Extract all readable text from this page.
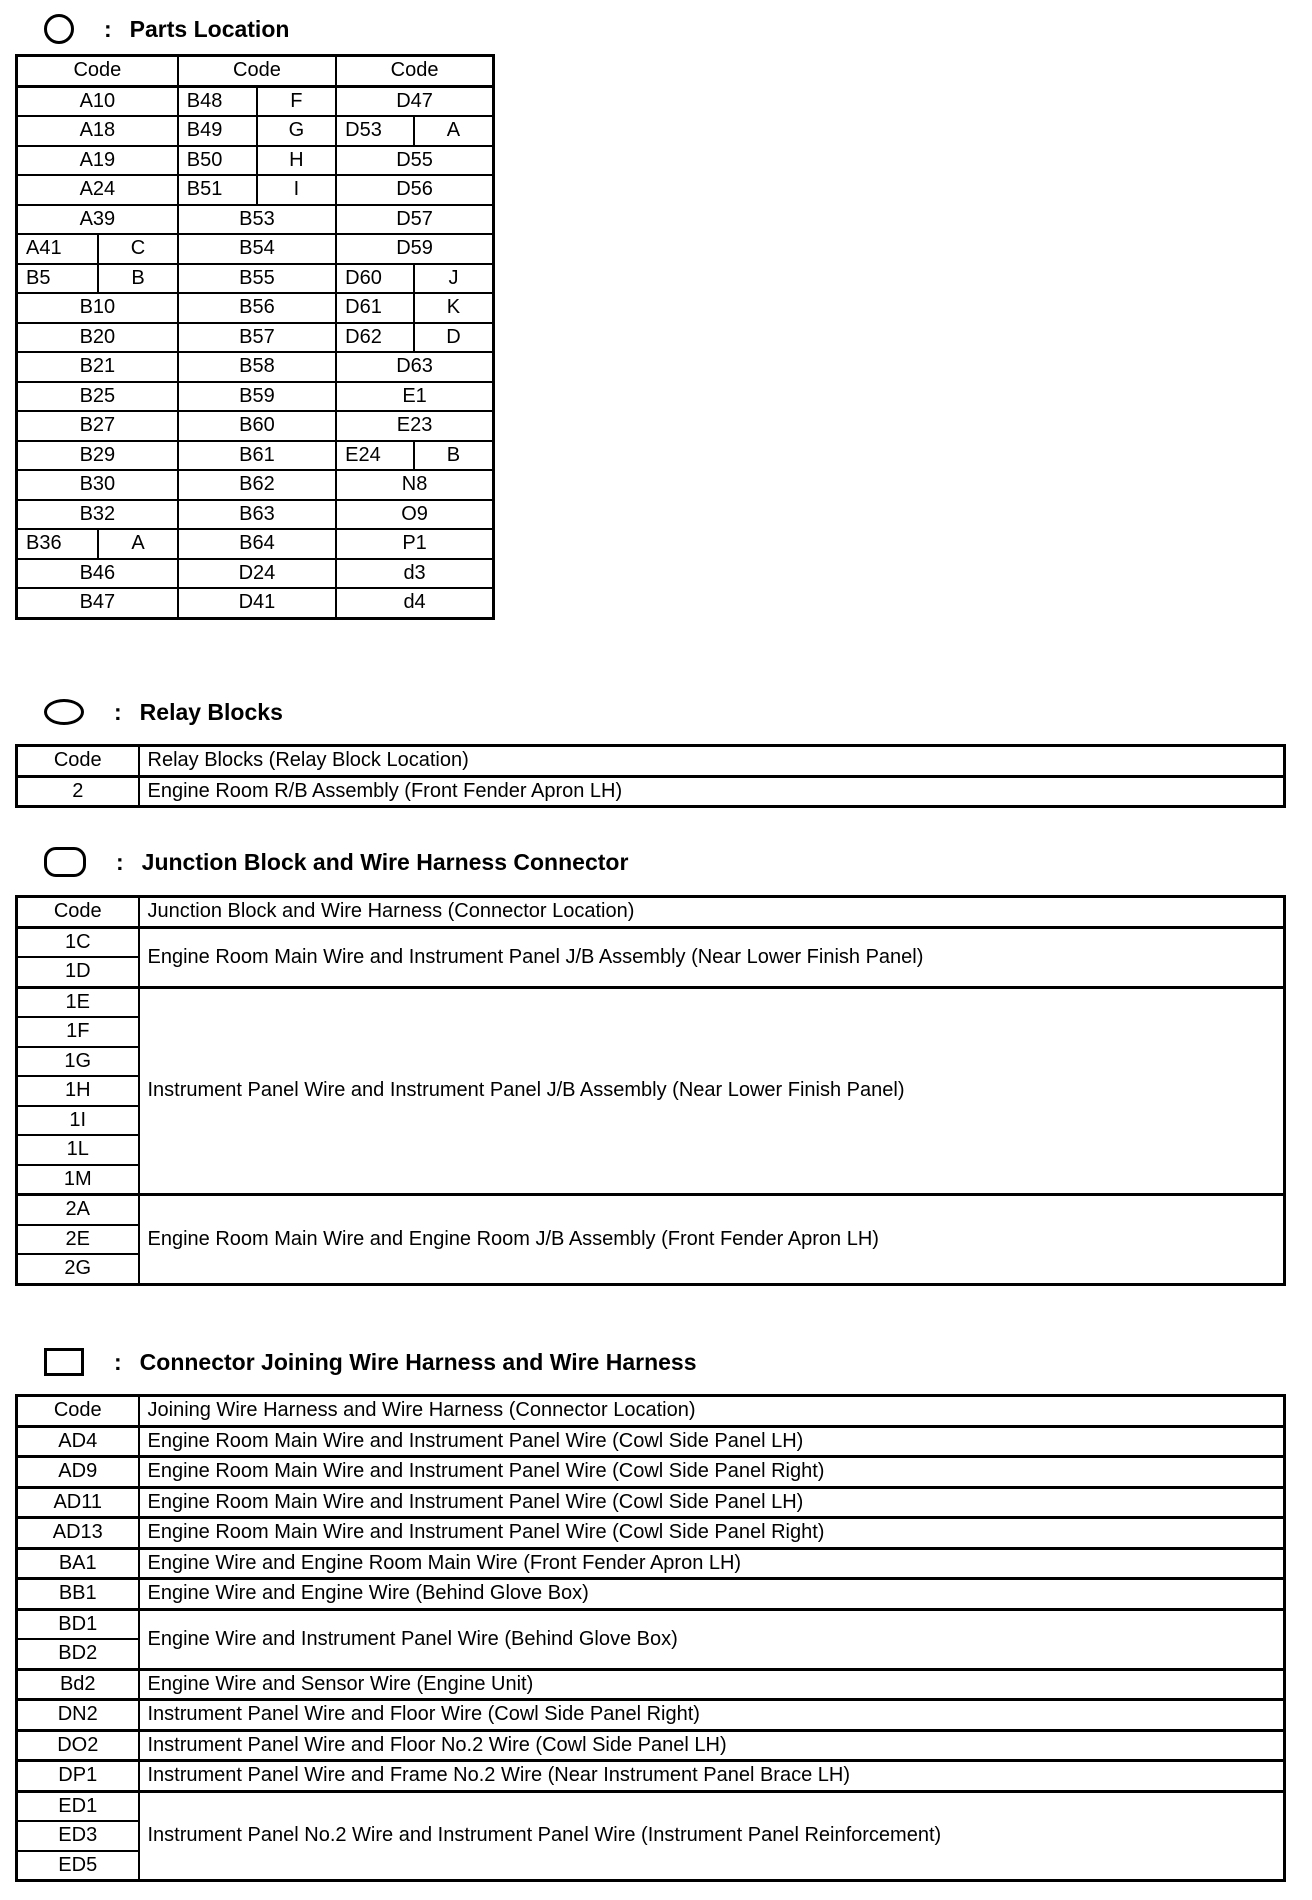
: Parts Location
Code		Code		Code	
A10		B48	F	D47	
A18		B49	G	D53	A
A19		B50	H	D55	
A24		B51	I	D56	
A39		B53		D57	
A41	C	B54		D59	
B5	B	B55		D60	J
B10		B56		D61	K
B20		B57		D62	D
B21		B58		D63	
B25		B59		E1	
B27		B60		E23	
B29		B61		E24	B
B30		B62		N8	
B32		B63		O9	
B36	A	B64		P1	
B46		D24		d3	
B47		D41		d4	
: Relay Blocks
Code	Relay Blocks (Relay Block Location)
2	Engine Room R/B Assembly (Front Fender Apron LH)
: Junction Block and Wire Harness Connector
Code	Junction Block and Wire Harness (Connector Location)
1C	Engine Room Main Wire and Instrument Panel J/B Assembly (Near Lower Finish Panel)
1D	
1E	Instrument Panel Wire and Instrument Panel J/B Assembly (Near Lower Finish Panel)
1F	
1G	
1H	
1I	
1L	
1M	
2A	Engine Room Main Wire and Engine Room J/B Assembly (Front Fender Apron LH)
2E	
2G	
: Connector Joining Wire Harness and Wire Harness
Code	Joining Wire Harness and Wire Harness (Connector Location)
AD4	Engine Room Main Wire and Instrument Panel Wire (Cowl Side Panel LH)
AD9	Engine Room Main Wire and Instrument Panel Wire (Cowl Side Panel Right)
AD11	Engine Room Main Wire and Instrument Panel Wire (Cowl Side Panel LH)
AD13	Engine Room Main Wire and Instrument Panel Wire (Cowl Side Panel Right)
BA1	Engine Wire and Engine Room Main Wire (Front Fender Apron LH)
BB1	Engine Wire and Engine Wire (Behind Glove Box)
BD1	Engine Wire and Instrument Panel Wire (Behind Glove Box)
BD2	
Bd2	Engine Wire and Sensor Wire (Engine Unit)
DN2	Instrument Panel Wire and Floor Wire (Cowl Side Panel Right)
DO2	Instrument Panel Wire and Floor No.2 Wire (Cowl Side Panel LH)
DP1	Instrument Panel Wire and Frame No.2 Wire (Near Instrument Panel Brace LH)
ED1	Instrument Panel No.2 Wire and Instrument Panel Wire (Instrument Panel Reinforcement)
ED3	
ED5	
